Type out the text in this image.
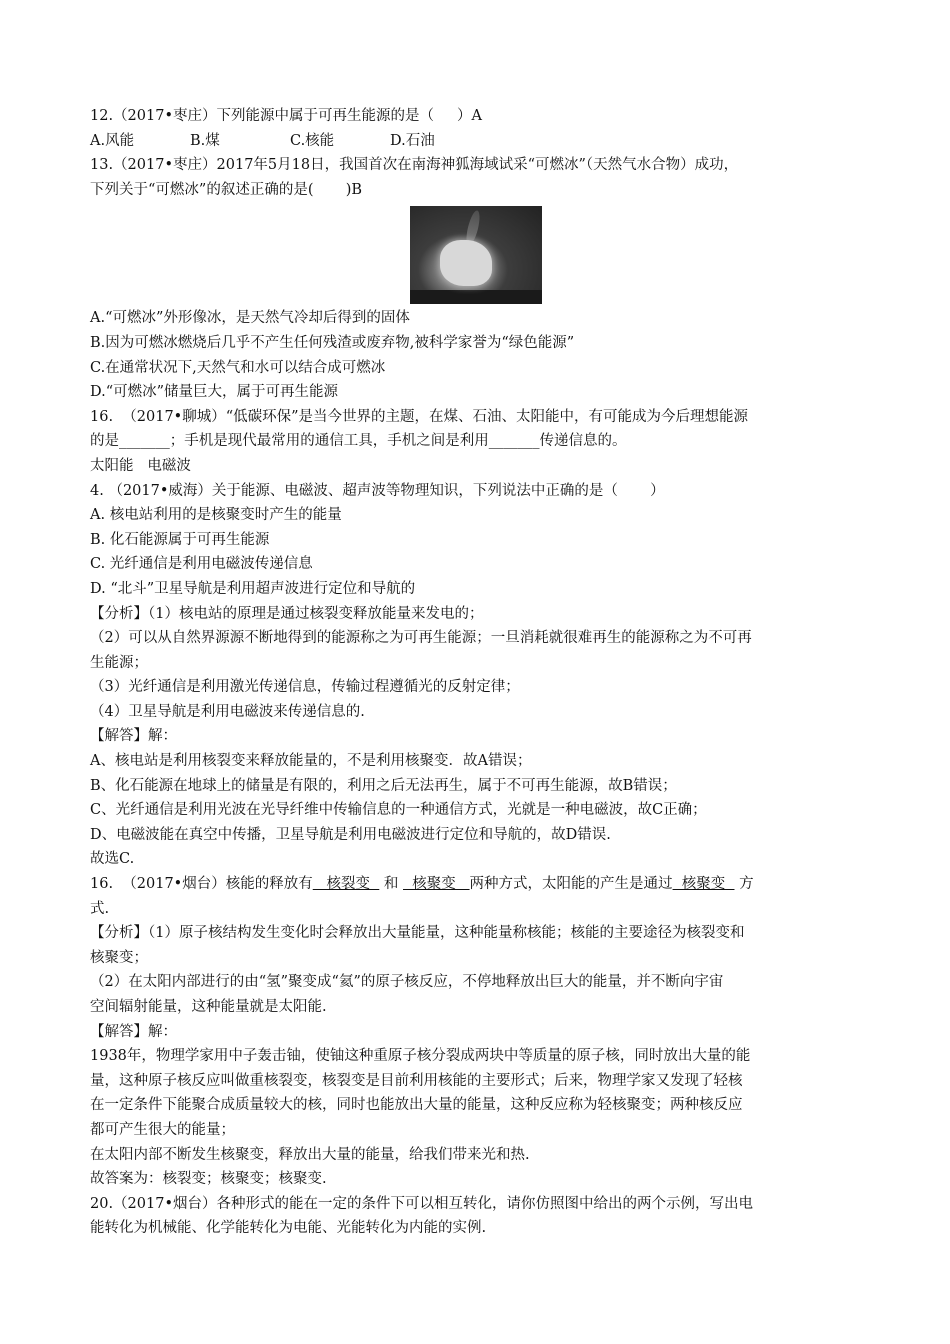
12.（2017•枣庄）下列能源中属于可再生能源的是（     ）A
A.风能	B.煤	C.核能	D.石油
13.（2017•枣庄）2017年5月18日，我国首次在南海神狐海域试采“可燃冰”（天然气水合物）成功，
下列关于“可燃冰”的叙述正确的是(       )B
A.“可燃冰”外形像冰，是天然气冷却后得到的固体
B.因为可燃冰燃烧后几乎不产生任何残渣或废弃物,被科学家誉为“绿色能源”
C.在通常状况下,天然气和水可以结合成可燃冰
D.“可燃冰”储量巨大，属于可再生能源
16.  （2017•聊城）“低碳环保”是当今世界的主题，在煤、石油、太阳能中，有可能成为今后理想能源
的是_______；手机是现代最常用的通信工具，手机之间是利用_______传递信息的。
太阳能   电磁波
4. （2017•威海）关于能源、电磁波、超声波等物理知识，下列说法中正确的是（       ）
A. 核电站利用的是核聚变时产生的能量
B. 化石能源属于可再生能源
C. 光纤通信是利用电磁波传递信息
D. “北斗”卫星导航是利用超声波进行定位和导航的
【分析】（1）核电站的原理是通过核裂变释放能量来发电的；
（2）可以从自然界源源不断地得到的能源称之为可再生能源；一旦消耗就很难再生的能源称之为不可再
生能源；
（3）光纤通信是利用激光传递信息，传输过程遵循光的反射定律；
（4）卫星导航是利用电磁波来传递信息的.
【解答】解：
A、核电站是利用核裂变来释放能量的，不是利用核聚变．故A错误；
B、化石能源在地球上的储量是有限的，利用之后无法再生，属于不可再生能源，故B错误；
C、光纤通信是利用光波在光导纤维中传输信息的一种通信方式，光就是一种电磁波，故C正确；
D、电磁波能在真空中传播，卫星导航是利用电磁波进行定位和导航的，故D错误.
故选C.
16.  （2017•烟台）核能的释放有   核裂变   和   核聚变   两种方式，太阳能的产生是通过  核聚变   方
式.
【分析】（1）原子核结构发生变化时会释放出大量能量，这种能量称核能；核能的主要途径为核裂变和
核聚变；
（2）在太阳内部进行的由“氢”聚变成“氦”的原子核反应，不停地释放出巨大的能量，并不断向宇宙
空间辐射能量，这种能量就是太阳能.
【解答】解：
1938年，物理学家用中子轰击铀，使铀这种重原子核分裂成两块中等质量的原子核，同时放出大量的能
量，这种原子核反应叫做重核裂变，核裂变是目前利用核能的主要形式；后来，物理学家又发现了轻核
在一定条件下能聚合成质量较大的核，同时也能放出大量的能量，这种反应称为轻核聚变；两种核反应
都可产生很大的能量；
在太阳内部不断发生核聚变，释放出大量的能量，给我们带来光和热.
故答案为：核裂变；核聚变；核聚变.
20.（2017•烟台）各种形式的能在一定的条件下可以相互转化，请你仿照图中给出的两个示例，写出电
能转化为机械能、化学能转化为电能、光能转化为内能的实例.
